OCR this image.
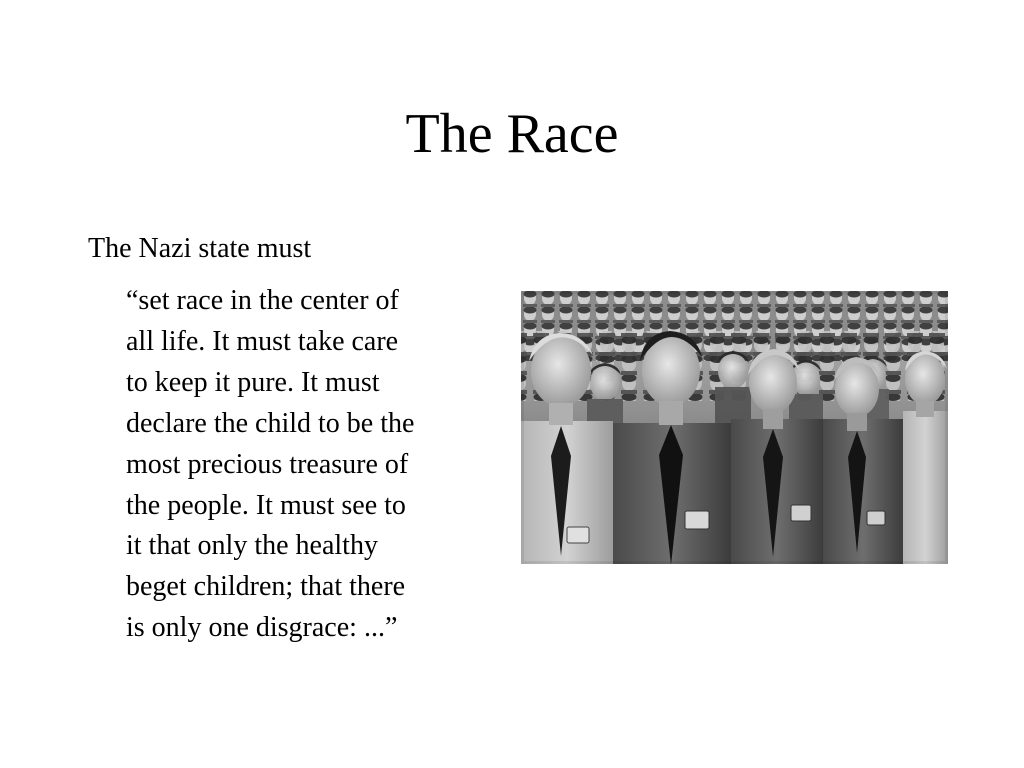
The Race
The Nazi state must
“set race in the center of
all life. It must take care
to keep it pure. It must
declare the child to be the
most precious treasure of
the people. It must see to
it that only the healthy
beget children; that there
is only one disgrace: ...”
